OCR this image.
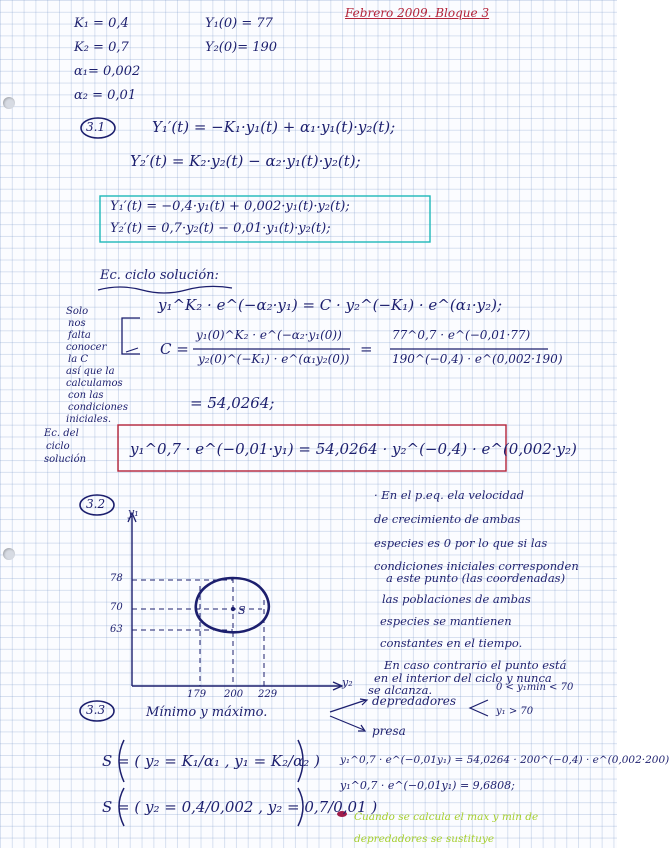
Febrero 2009. Bloque 3
K₁ = 0,4
K₂ = 0,7
α₁= 0,002
α₂ = 0,01
Y₁(0) = 77
Y₂(0)= 190
3.1	Y₁′(t) = −K₁·y₁(t) + α₁·y₁(t)·y₂(t);
Y₂′(t) = K₂·y₂(t) − α₂·y₁(t)·y₂(t);
Y₁′(t) = −0,4·y₁(t) + 0,002·y₁(t)·y₂(t);
Y₂′(t) = 0,7·y₂(t) − 0,01·y₁(t)·y₂(t);
Ec. ciclo solución:
y₁^K₂ · e^(−α₂·y₁) = C · y₂^(−K₁) · e^(α₁·y₂);
Solo
nos
falta
conocer
la C
así que la
calculamos
con las
condiciones
iniciales.
C =
y₁(0)^K₂ · e^(−α₂·y₁(0))
y₂(0)^(−K₁) · e^(α₁y₂(0))
=
77^0,7 · e^(−0,01·77)
190^(−0,4) · e^(0,002·190)
= 54,0264;
Ec. del
ciclo
solución
y₁^0,7 · e^(−0,01·y₁) = 54,0264 · y₂^(−0,4) · e^(0,002·y₂)
3.2
y₁
y₂
78
70
63
179 200 229
S
· En el p.eq. ela velocidad
de crecimiento de ambas
especies es 0 por lo que si las
condiciones iniciales corresponden
a este punto (las coordenadas)
las poblaciones de ambas
especies se mantienen
constantes en el tiempo.
En caso contrario el punto está
en el interior del ciclo y nunca
se alcanza.	0 < y₁min < 70
y₁ > 70
3.3	Mínimo y máximo.
depredadores
presa
S = ( y₂ = K₁/α₁ , y₁ = K₂/α₂ )
S = ( y₂ = 0,4/0,002 , y₂ = 0,7/0,01 )
y₁^0,7 · e^(−0,01y₁) = 54,0264 · 200^(−0,4) · e^(0,002·200)
y₁^0,7 · e^(−0,01y₁) = 9,6808;
Cuando se calcula el max y min de depredadores se sustituye
